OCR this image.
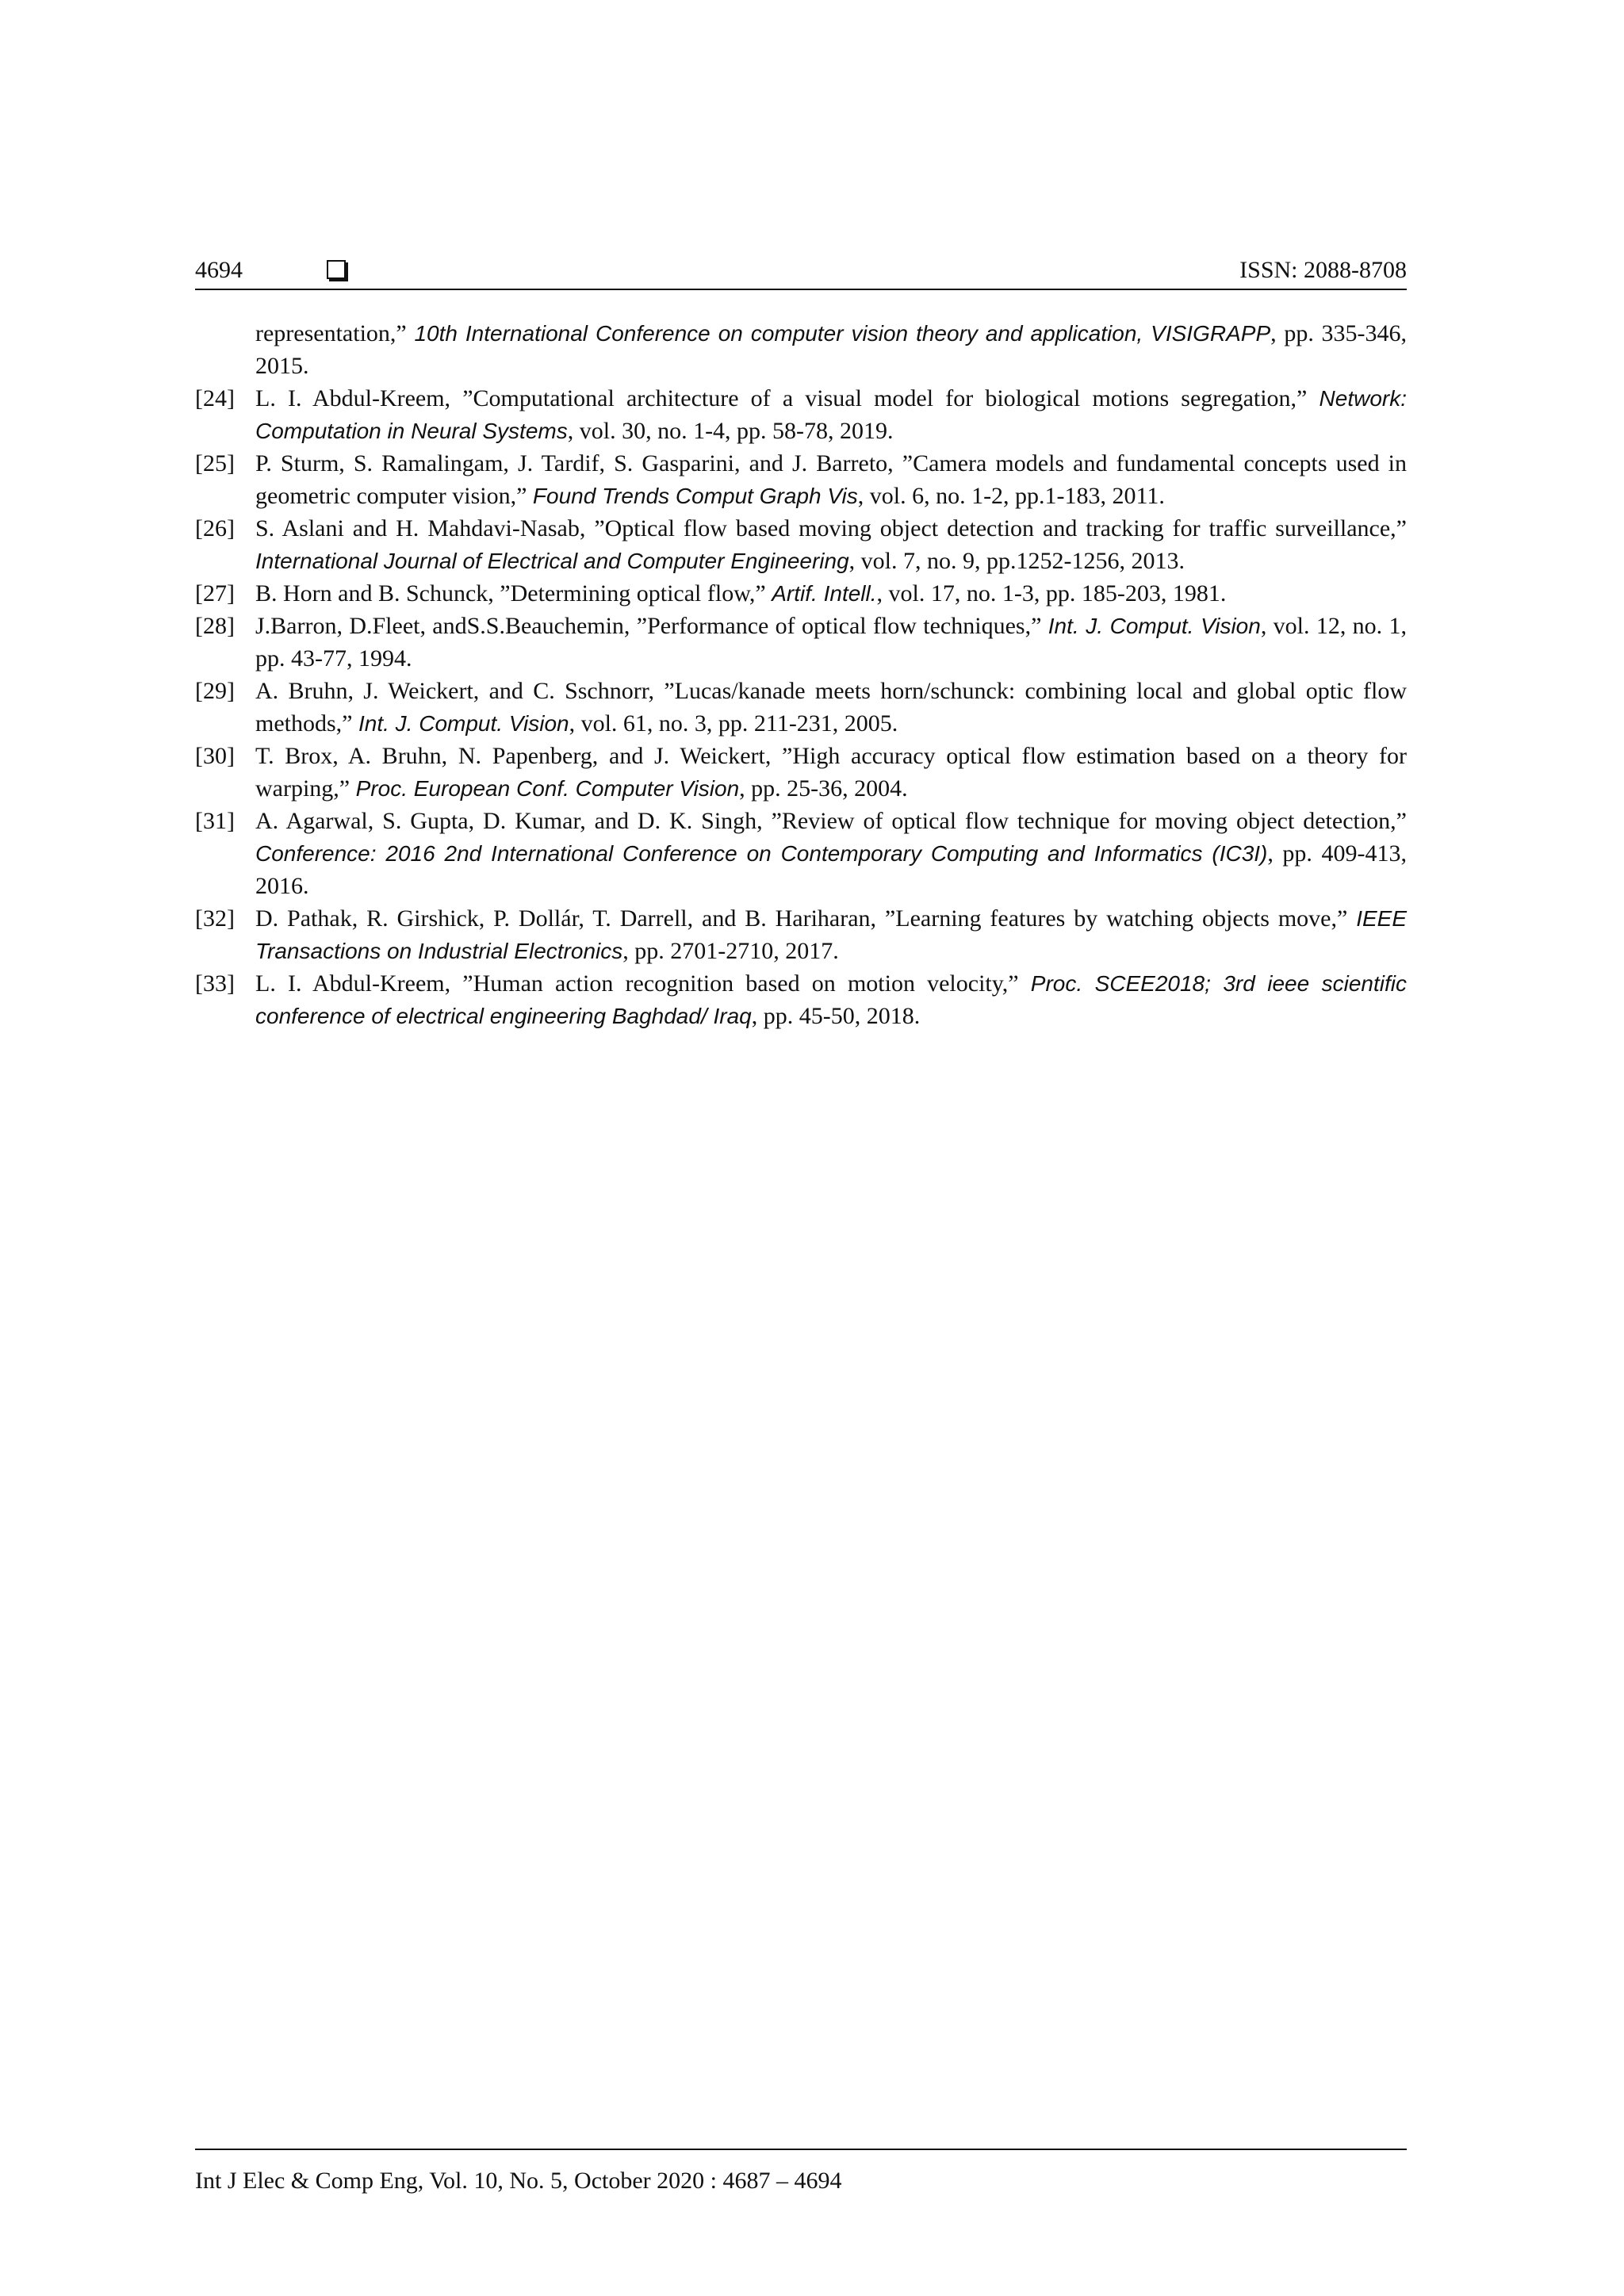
4694	ISSN: 2088-8708
representation,” 10th International Conference on computer vision theory and application, VISIGRAPP, pp. 335-346, 2015.
[24] L. I. Abdul-Kreem, ”Computational architecture of a visual model for biological motions segregation,” Network: Computation in Neural Systems, vol. 30, no. 1-4, pp. 58-78, 2019.
[25] P. Sturm, S. Ramalingam, J. Tardif, S. Gasparini, and J. Barreto, ”Camera models and fundamental concepts used in geometric computer vision,” Found Trends Comput Graph Vis, vol. 6, no. 1-2, pp.1-183, 2011.
[26] S. Aslani and H. Mahdavi-Nasab, ”Optical flow based moving object detection and tracking for traffic surveillance,” International Journal of Electrical and Computer Engineering, vol. 7, no. 9, pp.1252-1256, 2013.
[27] B. Horn and B. Schunck, ”Determining optical flow,” Artif. Intell., vol. 17, no. 1-3, pp. 185-203, 1981.
[28] J.Barron, D.Fleet, andS.S.Beauchemin, ”Performance of optical flow techniques,” Int. J. Comput. Vision, vol. 12, no. 1, pp. 43-77, 1994.
[29] A. Bruhn, J. Weickert, and C. Sschnorr, ”Lucas/kanade meets horn/schunck: combining local and global optic flow methods,” Int. J. Comput. Vision, vol. 61, no. 3, pp. 211-231, 2005.
[30] T. Brox, A. Bruhn, N. Papenberg, and J. Weickert, ”High accuracy optical flow estimation based on a theory for warping,” Proc. European Conf. Computer Vision, pp. 25-36, 2004.
[31] A. Agarwal, S. Gupta, D. Kumar, and D. K. Singh, ”Review of optical flow technique for moving object detection,” Conference: 2016 2nd International Conference on Contemporary Computing and Informatics (IC3I), pp. 409-413, 2016.
[32] D. Pathak, R. Girshick, P. Dollár, T. Darrell, and B. Hariharan, ”Learning features by watching objects move,” IEEE Transactions on Industrial Electronics, pp. 2701-2710, 2017.
[33] L. I. Abdul-Kreem, ”Human action recognition based on motion velocity,” Proc. SCEE2018; 3rd ieee scientific conference of electrical engineering Baghdad/ Iraq, pp. 45-50, 2018.
Int J Elec & Comp Eng, Vol. 10, No. 5, October 2020 : 4687 – 4694
